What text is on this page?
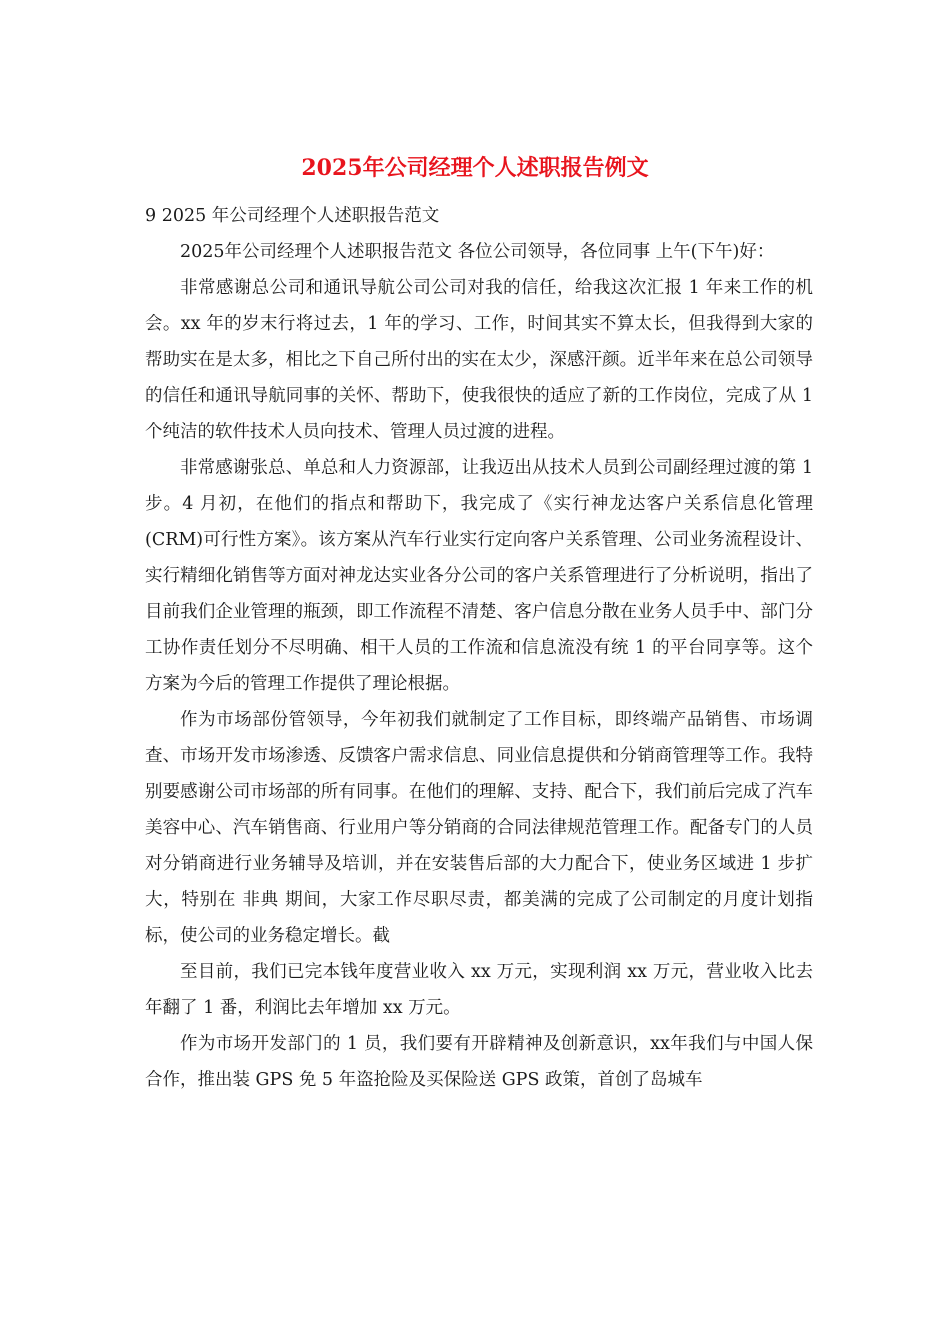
2025年公司经理个人述职报告例文

9 2025 年公司经理个人述职报告范文

2025年公司经理个人述职报告范文 各位公司领导，各位同事 上午(下午)好：

非常感谢总公司和通讯导航公司公司对我的信任，给我这次汇报 1 年来工作的机会。xx 年的岁末行将过去，1 年的学习、工作，时间其实不算太长，但我得到大家的帮助实在是太多，相比之下自己所付出的实在太少，深感汗颜。近半年来在总公司领导的信任和通讯导航同事的关怀、帮助下，使我很快的适应了新的工作岗位，完成了从 1 个纯洁的软件技术人员向技术、管理人员过渡的进程。

非常感谢张总、单总和人力资源部，让我迈出从技术人员到公司副经理过渡的第 1 步。4 月初，在他们的指点和帮助下，我完成了《实行神龙达客户关系信息化管理(CRM)可行性方案》。该方案从汽车行业实行定向客户关系管理、公司业务流程设计、实行精细化销售等方面对神龙达实业各分公司的客户关系管理进行了分析说明，指出了目前我们企业管理的瓶颈，即工作流程不清楚、客户信息分散在业务人员手中、部门分工协作责任划分不尽明确、相干人员的工作流和信息流没有统 1 的平台同享等。这个方案为今后的管理工作提供了理论根据。

作为市场部份管领导，今年初我们就制定了工作目标，即终端产品销售、市场调查、市场开发市场渗透、反馈客户需求信息、同业信息提供和分销商管理等工作。我特别要感谢公司市场部的所有同事。在他们的理解、支持、配合下，我们前后完成了汽车美容中心、汽车销售商、行业用户等分销商的合同法律规范管理工作。配备专门的人员对分销商进行业务辅导及培训，并在安装售后部的大力配合下，使业务区域进 1 步扩大，特别在 非典 期间，大家工作尽职尽责，都美满的完成了公司制定的月度计划指标，使公司的业务稳定增长。截

至目前，我们已完本钱年度营业收入 xx 万元，实现利润 xx 万元，营业收入比去年翻了 1 番，利润比去年增加 xx 万元。

作为市场开发部门的 1 员，我们要有开辟精神及创新意识，xx年我们与中国人保合作，推出装 GPS 免 5 年盗抢险及买保险送 GPS 政策，首创了岛城车
